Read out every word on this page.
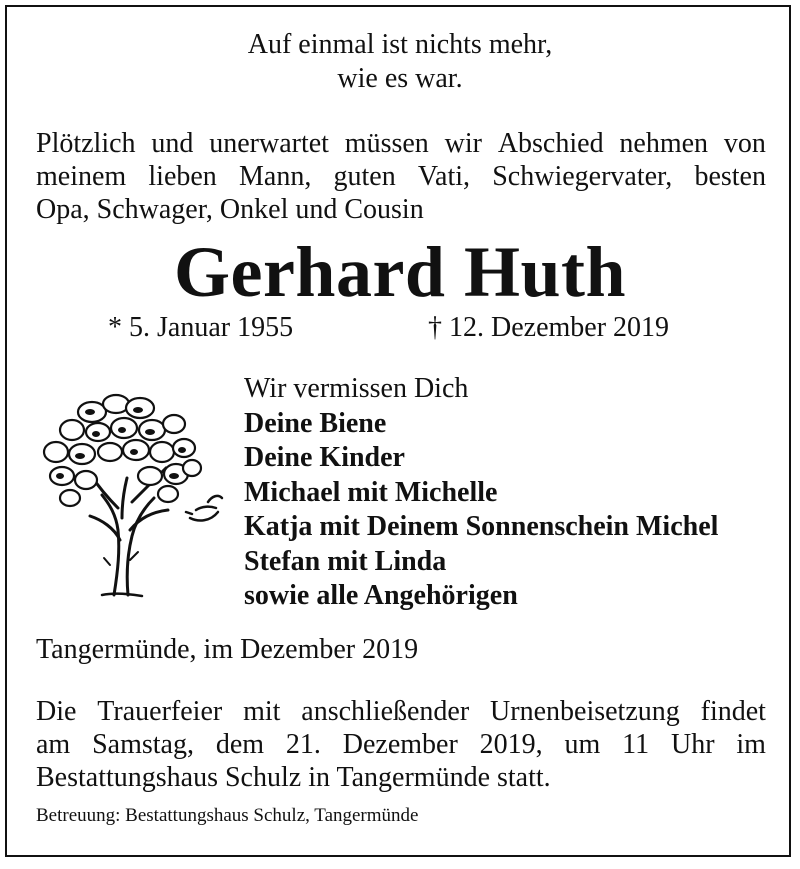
Auf einmal ist nichts mehr,
wie es war.
Plötzlich und unerwartet müssen wir Abschied nehmen von
meinem lieben Mann, guten Vati, Schwiegervater, besten
Opa, Schwager, Onkel und Cousin
Gerhard Huth
* 5. Januar 1955	† 12. Dezember 2019
Wir vermissen Dich
Deine Biene
Deine Kinder
Michael mit Michelle
Katja mit Deinem Sonnenschein Michel
Stefan mit Linda
sowie alle Angehörigen
Tangermünde, im Dezember 2019
Die Trauerfeier mit anschließender Urnenbeisetzung findet
am Samstag, dem 21. Dezember 2019, um 11 Uhr im
Bestattungshaus Schulz in Tangermünde statt.
Betreuung: Bestattungshaus Schulz, Tangermünde
